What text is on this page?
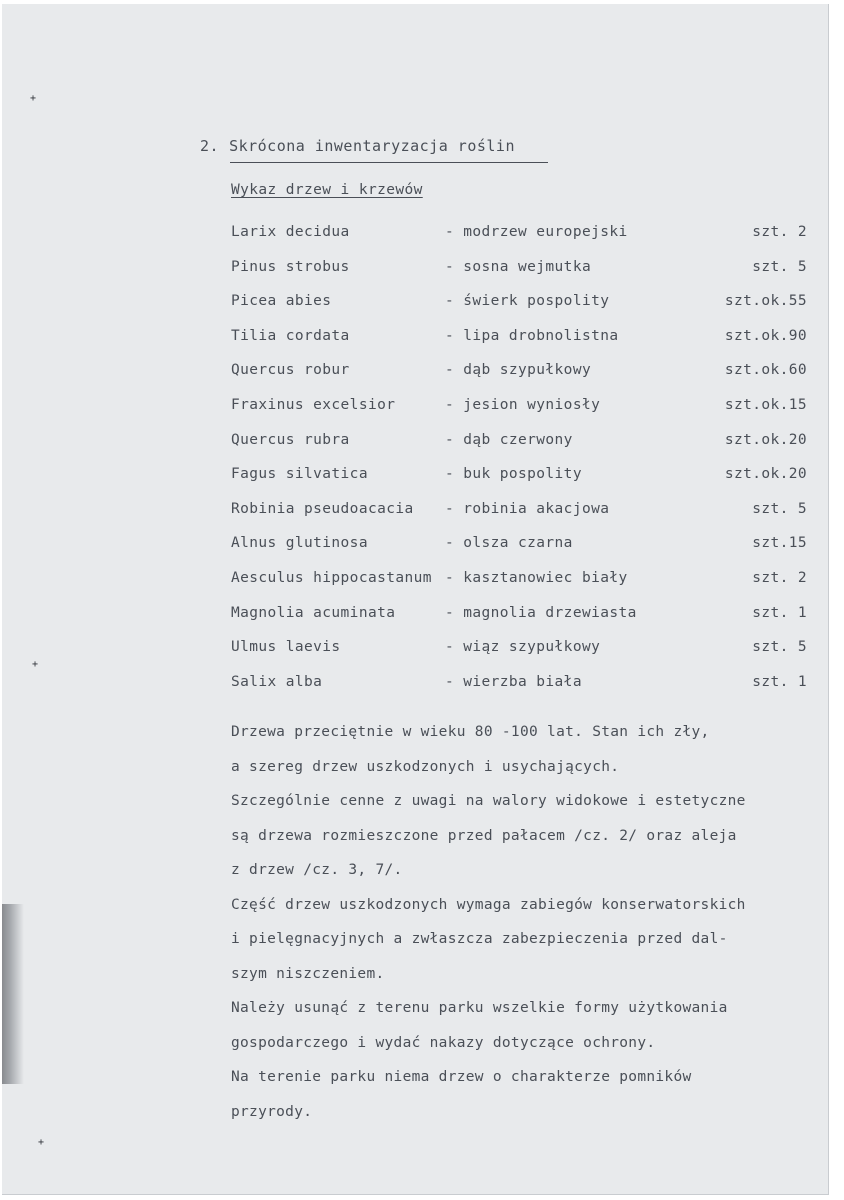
+
+
+
2. Skrócona inwentaryzacja roślin
Wykaz drzew i krzewów
Larix decidua	- modrzew europejski	szt. 2
Pinus strobus	- sosna wejmutka	szt. 5
Picea abies	- świerk pospolity	szt.ok.55
Tilia cordata	- lipa drobnolistna	szt.ok.90
Quercus robur	- dąb szypułkowy	szt.ok.60
Fraxinus excelsior	- jesion wyniosły	szt.ok.15
Quercus rubra	- dąb czerwony	szt.ok.20
Fagus silvatica	- buk pospolity	szt.ok.20
Robinia pseudoacacia - robinia akacjowa	szt. 5
Alnus glutinosa	- olsza czarna	szt.15
Aesculus hippocastanum - kasztanowiec biały	szt. 2
Magnolia acuminata	- magnolia drzewiasta	szt. 1
Ulmus laevis	- wiąz szypułkowy	szt. 5
Salix alba	- wierzba biała	szt. 1
Drzewa przeciętnie w wieku 80 -100 lat. Stan ich zły,
a szereg drzew uszkodzonych i usychających.
Szczególnie cenne z uwagi na walory widokowe i estetyczne
są drzewa rozmieszczone przed pałacem /cz. 2/ oraz aleja
z drzew /cz. 3, 7/.
Część drzew uszkodzonych wymaga zabiegów konserwatorskich
i pielęgnacyjnych a zwłaszcza zabezpieczenia przed dal-
szym niszczeniem.
Należy usunąć z terenu parku wszelkie formy użytkowania
gospodarczego i wydać nakazy dotyczące ochrony.
Na terenie parku niema drzew o charakterze pomników
przyrody.
